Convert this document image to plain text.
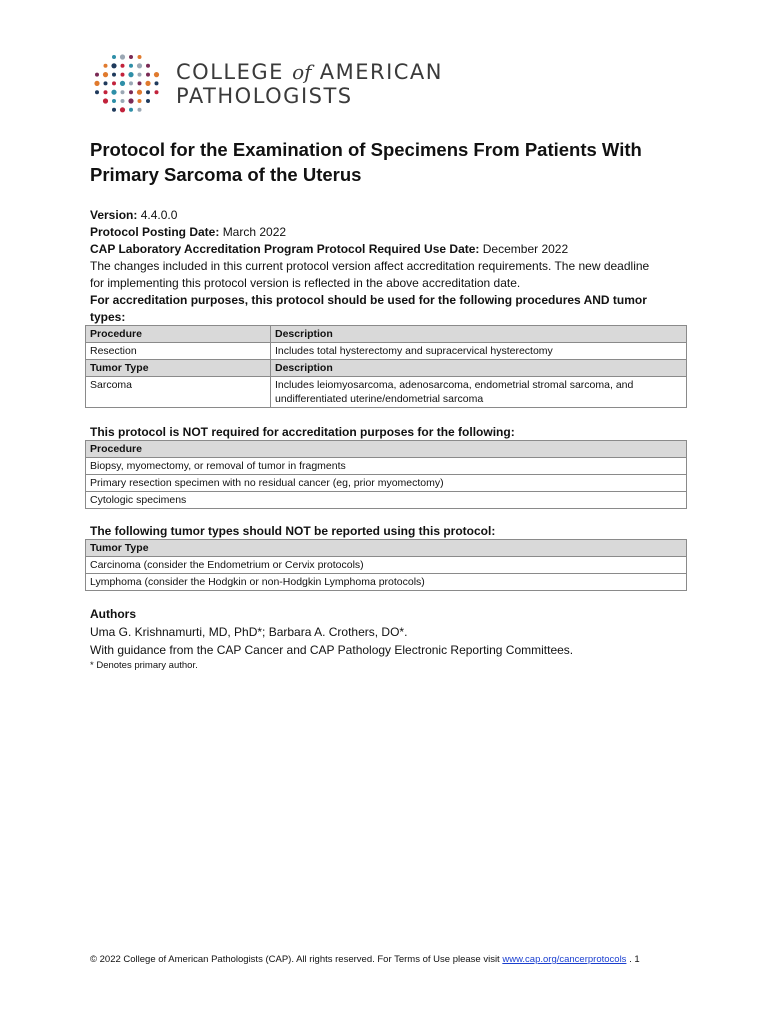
COLLEGE of AMERICAN
PATHOLOGISTS
Protocol for the Examination of Specimens From Patients With Primary Sarcoma of the Uterus
Version: 4.4.0.0
Protocol Posting Date: March 2022
CAP Laboratory Accreditation Program Protocol Required Use Date: December 2022
The changes included in this current protocol version affect accreditation requirements. The new deadline
for implementing this protocol version is reflected in the above accreditation date.
For accreditation purposes, this protocol should be used for the following procedures AND tumor
types:
Procedure	Description
Resection	Includes total hysterectomy and supracervical hysterectomy
Tumor Type	Description
Sarcoma	Includes leiomyosarcoma, adenosarcoma, endometrial stromal sarcoma, and
undifferentiated uterine/endometrial sarcoma
This protocol is NOT required for accreditation purposes for the following:
Procedure
Biopsy, myomectomy, or removal of tumor in fragments
Primary resection specimen with no residual cancer (eg, prior myomectomy)
Cytologic specimens
The following tumor types should NOT be reported using this protocol:
Tumor Type
Carcinoma (consider the Endometrium or Cervix protocols)
Lymphoma (consider the Hodgkin or non-Hodgkin Lymphoma protocols)
Authors
Uma G. Krishnamurti, MD, PhD*; Barbara A. Crothers, DO*.
With guidance from the CAP Cancer and CAP Pathology Electronic Reporting Committees.
* Denotes primary author.
© 2022 College of American Pathologists (CAP). All rights reserved. For Terms of Use please visit www.cap.org/cancerprotocols . 1
